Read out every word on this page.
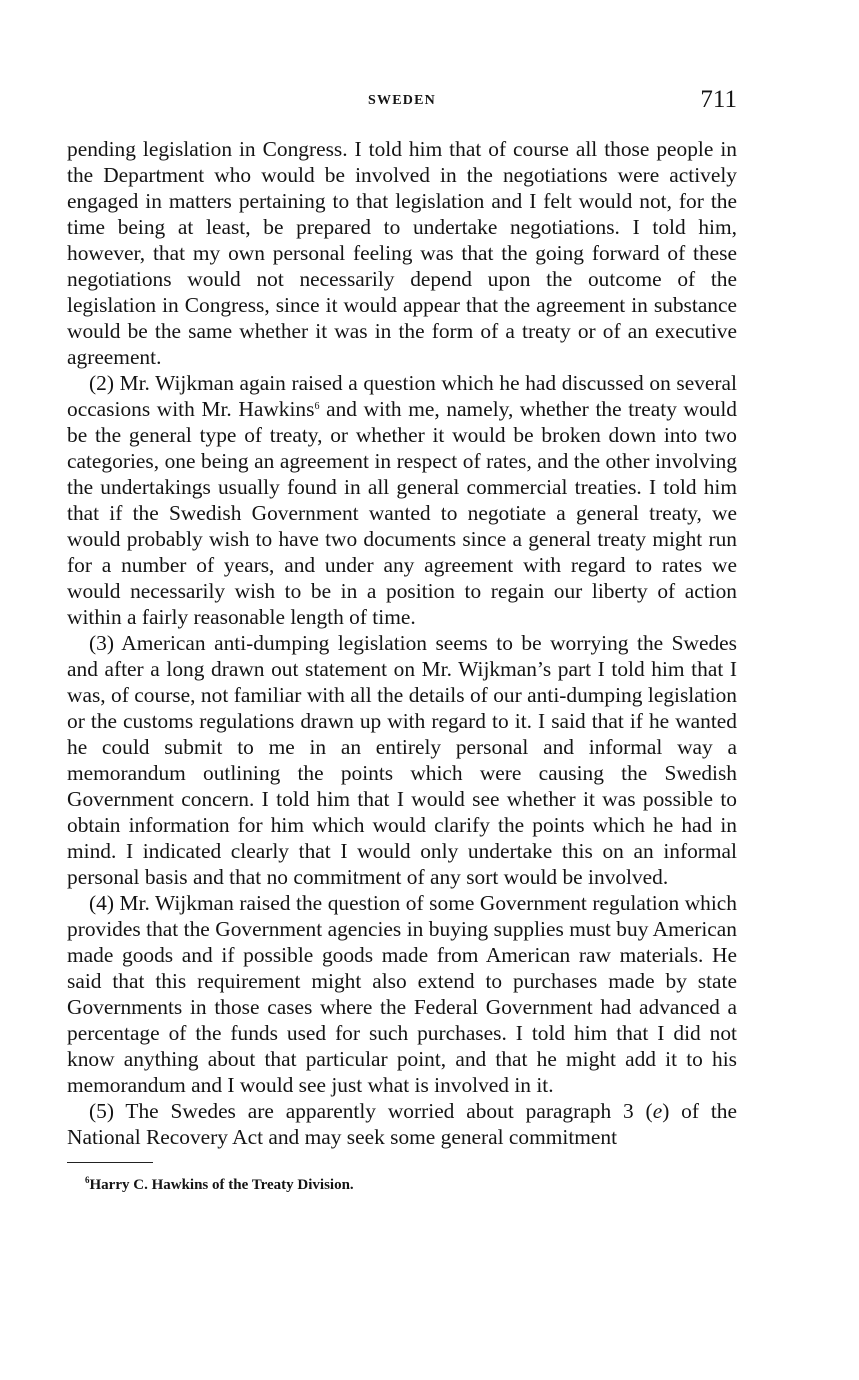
SWEDEN	711

pending legislation in Congress. I told him that of course all those people in the Department who would be involved in the negotiations were actively engaged in matters pertaining to that legislation and I felt would not, for the time being at least, be prepared to undertake negotiations. I told him, however, that my own personal feeling was that the going forward of these negotiations would not necessarily depend upon the outcome of the legislation in Congress, since it would appear that the agreement in substance would be the same whether it was in the form of a treaty or of an executive agreement.

(2) Mr. Wijkman again raised a question which he had discussed on several occasions with Mr. Hawkins$^6$ and with me, namely, whether the treaty would be the general type of treaty, or whether it would be broken down into two categories, one being an agreement in respect of rates, and the other involving the undertakings usually found in all general commercial treaties. I told him that if the Swedish Government wanted to negotiate a general treaty, we would probably wish to have two documents since a general treaty might run for a number of years, and under any agreement with regard to rates we would necessarily wish to be in a position to regain our liberty of action within a fairly reasonable length of time.

(3) American anti-dumping legislation seems to be worrying the Swedes and after a long drawn out statement on Mr. Wijkman’s part I told him that I was, of course, not familiar with all the details of our anti-dumping legislation or the customs regulations drawn up with regard to it. I said that if he wanted he could submit to me in an entirely personal and informal way a memorandum outlining the points which were causing the Swedish Government concern. I told him that I would see whether it was possible to obtain information for him which would clarify the points which he had in mind. I indicated clearly that I would only undertake this on an informal personal basis and that no commitment of any sort would be involved.

(4) Mr. Wijkman raised the question of some Government regulation which provides that the Government agencies in buying supplies must buy American made goods and if possible goods made from American raw materials. He said that this requirement might also extend to purchases made by state Governments in those cases where the Federal Government had advanced a percentage of the funds used for such purchases. I told him that I did not know anything about that particular point, and that he might add it to his memorandum and I would see just what is involved in it.

(5) The Swedes are apparently worried about paragraph 3 (e) of the National Recovery Act and may seek some general commitment

$^6$Harry C. Hawkins of the Treaty Division.
